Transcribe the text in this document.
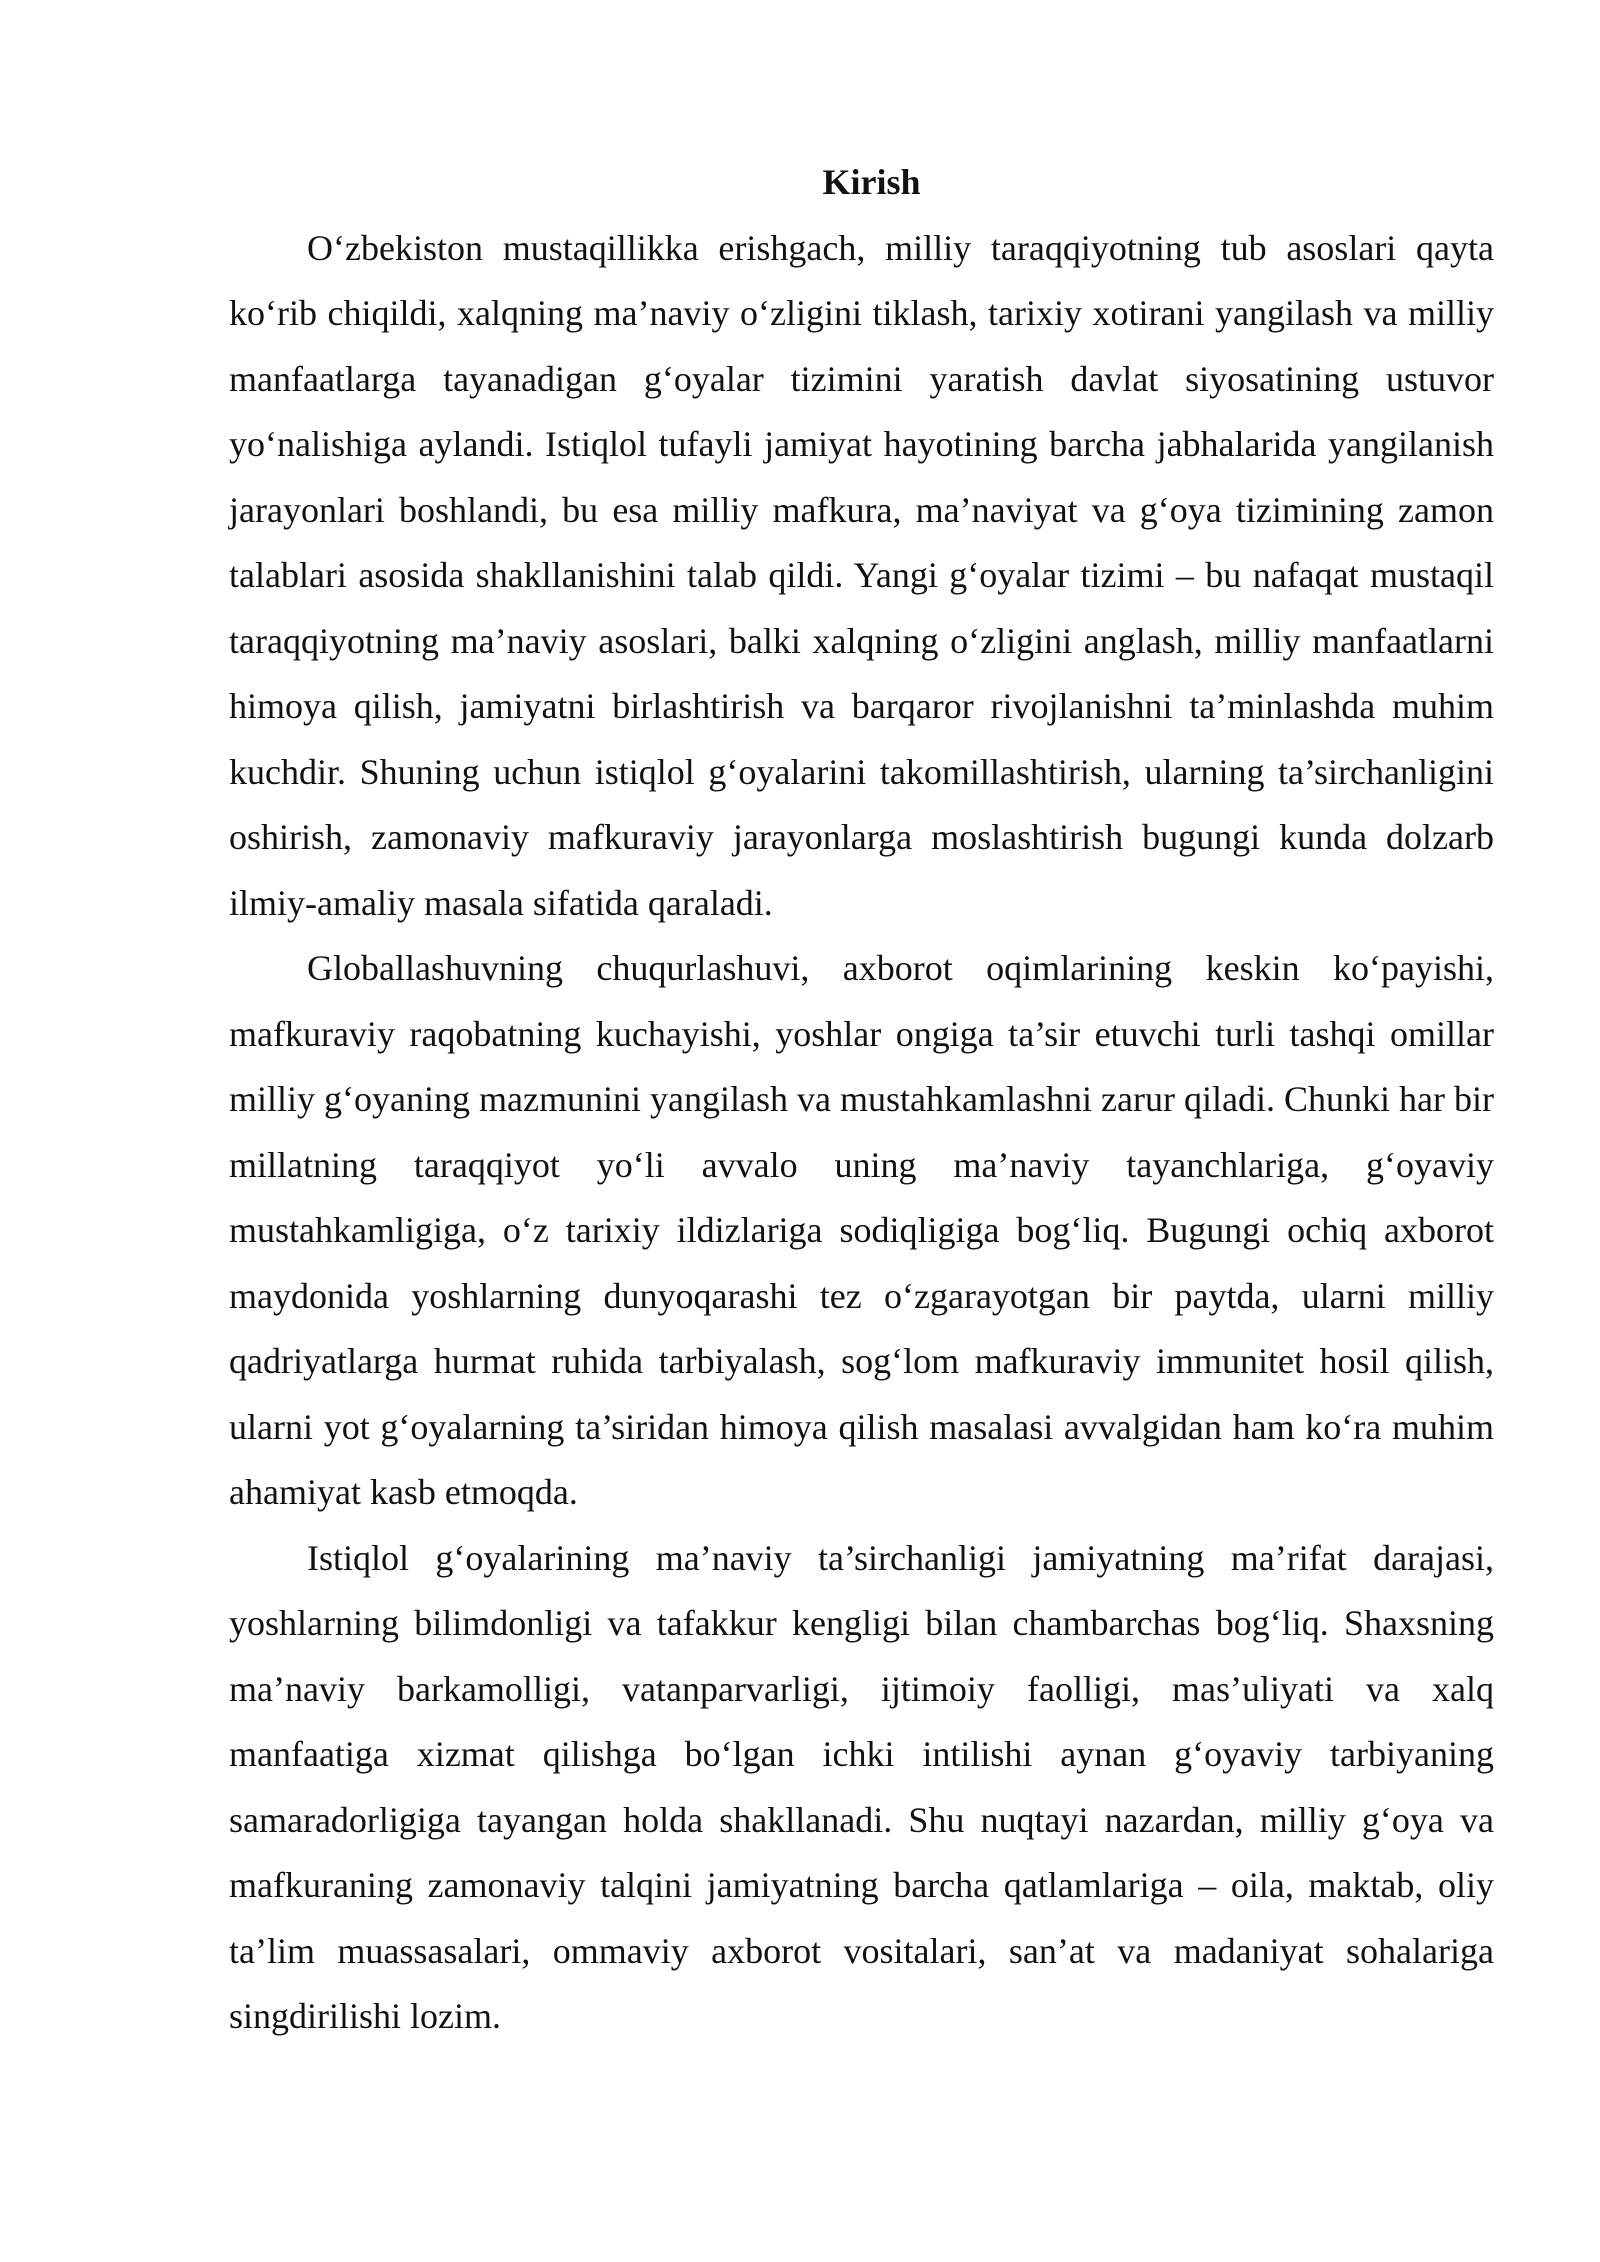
Kirish

O‘zbekiston mustaqillikka erishgach, milliy taraqqiyotning tub asoslari qayta ko‘rib chiqildi, xalqning ma’naviy o‘zligini tiklash, tarixiy xotirani yangilash va milliy manfaatlarga tayanadigan g‘oyalar tizimini yaratish davlat siyosatining ustuvor yo‘nalishiga aylandi. Istiqlol tufayli jamiyat hayotining barcha jabhalarida yangilanish jarayonlari boshlandi, bu esa milliy mafkura, ma’naviyat va g‘oya tizimining zamon talablari asosida shakllanishini talab qildi. Yangi g‘oyalar tizimi – bu nafaqat mustaqil taraqqiyotning ma’naviy asoslari, balki xalqning o‘zligini anglash, milliy manfaatlarni himoya qilish, jamiyatni birlashtirish va barqaror rivojlanishni ta’minlashda muhim kuchdir. Shuning uchun istiqlol g‘oyalarini takomillashtirish, ularning ta’sirchanligini oshirish, zamonaviy mafkuraviy jarayonlarga moslashtirish bugungi kunda dolzarb ilmiy-amaliy masala sifatida qaraladi.

Globallashuvning chuqurlashuvi, axborot oqimlarining keskin ko‘payishi, mafkuraviy raqobatning kuchayishi, yoshlar ongiga ta’sir etuvchi turli tashqi omillar milliy g‘oyaning mazmunini yangilash va mustahkamlashni zarur qiladi. Chunki har bir millatning taraqqiyot yo‘li avvalo uning ma’naviy tayanchlariga, g‘oyaviy mustahkamligiga, o‘z tarixiy ildizlariga sodiqligiga bog‘liq. Bugungi ochiq axborot maydonida yoshlarning dunyoqarashi tez o‘zgarayotgan bir paytda, ularni milliy qadriyatlarga hurmat ruhida tarbiyalash, sog‘lom mafkuraviy immunitet hosil qilish, ularni yot g‘oyalarning ta’siridan himoya qilish masalasi avvalgidan ham ko‘ra muhim ahamiyat kasb etmoqda.

Istiqlol g‘oyalarining ma’naviy ta’sirchanligi jamiyatning ma’rifat darajasi, yoshlarning bilimdonligi va tafakkur kengligi bilan chambarchas bog‘liq. Shaxsning ma’naviy barkamolligi, vatanparvarligi, ijtimoiy faolligi, mas’uliyati va xalq manfaatiga xizmat qilishga bo‘lgan ichki intilishi aynan g‘oyaviy tarbiyaning samaradorligiga tayangan holda shakllanadi. Shu nuqtayi nazardan, milliy g‘oya va mafkuraning zamonaviy talqini jamiyatning barcha qatlamlariga – oila, maktab, oliy ta’lim muassasalari, ommaviy axborot vositalari, san’at va madaniyat sohalariga singdirilishi lozim.
